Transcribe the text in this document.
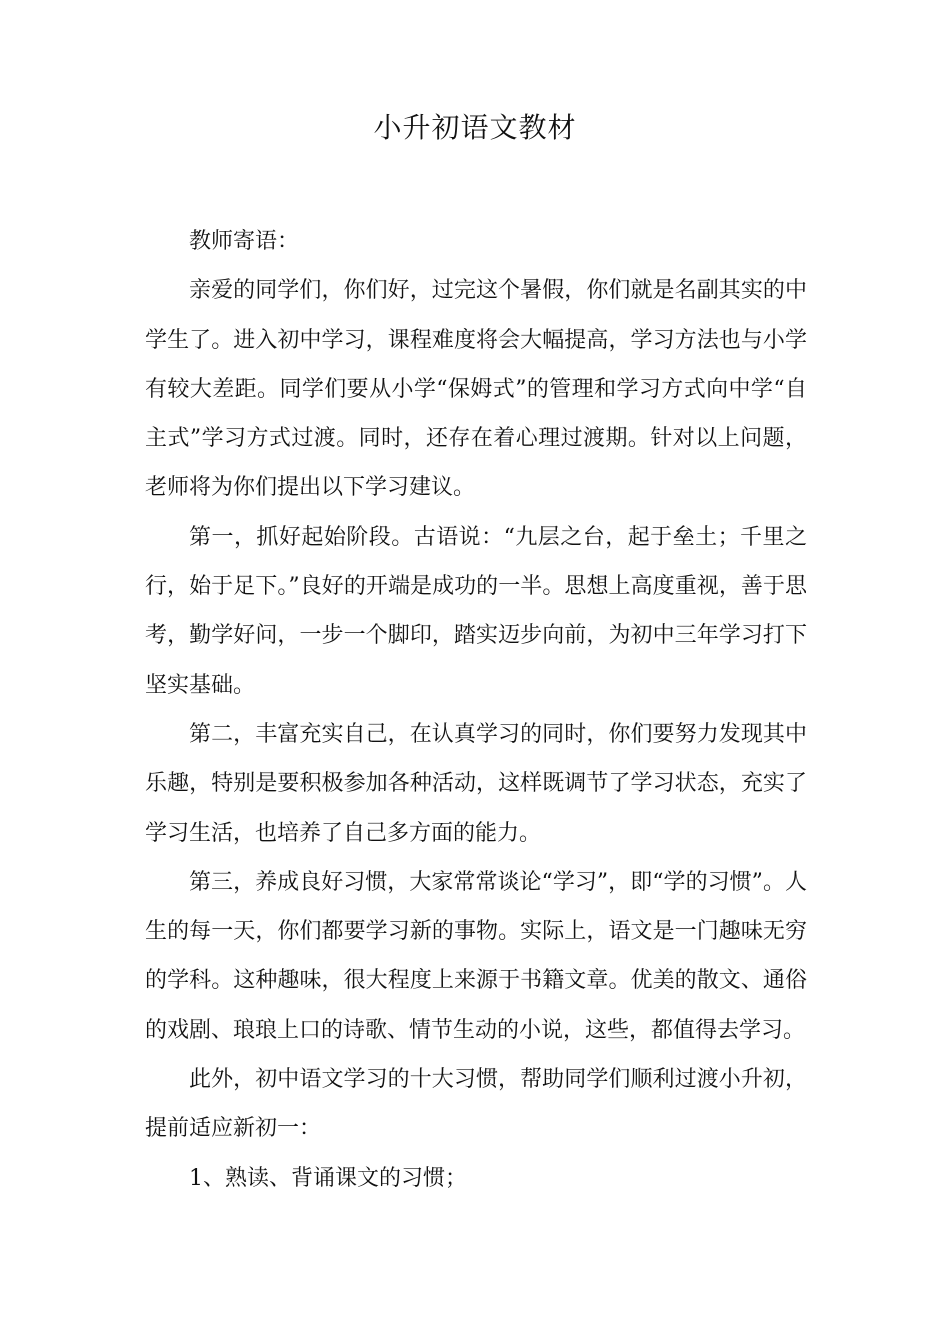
小升初语文教材

教师寄语：

亲爱的同学们，你们好，过完这个暑假，你们就是名副其实的中学生了。进入初中学习，课程难度将会大幅提高，学习方法也与小学有较大差距。同学们要从小学“保姆式”的管理和学习方式向中学“自主式”学习方式过渡。同时，还存在着心理过渡期。针对以上问题，老师将为你们提出以下学习建议。

第一，抓好起始阶段。古语说：“九层之台，起于垒土；千里之行，始于足下。”良好的开端是成功的一半。思想上高度重视，善于思考，勤学好问，一步一个脚印，踏实迈步向前，为初中三年学习打下坚实基础。

第二，丰富充实自己，在认真学习的同时，你们要努力发现其中乐趣，特别是要积极参加各种活动，这样既调节了学习状态，充实了学习生活，也培养了自己多方面的能力。

第三，养成良好习惯，大家常常谈论“学习”，即“学的习惯”。人生的每一天，你们都要学习新的事物。实际上，语文是一门趣味无穷的学科。这种趣味，很大程度上来源于书籍文章。优美的散文、通俗的戏剧、琅琅上口的诗歌、情节生动的小说，这些，都值得去学习。

此外，初中语文学习的十大习惯，帮助同学们顺利过渡小升初，提前适应新初一：

1、熟读、背诵课文的习惯；
